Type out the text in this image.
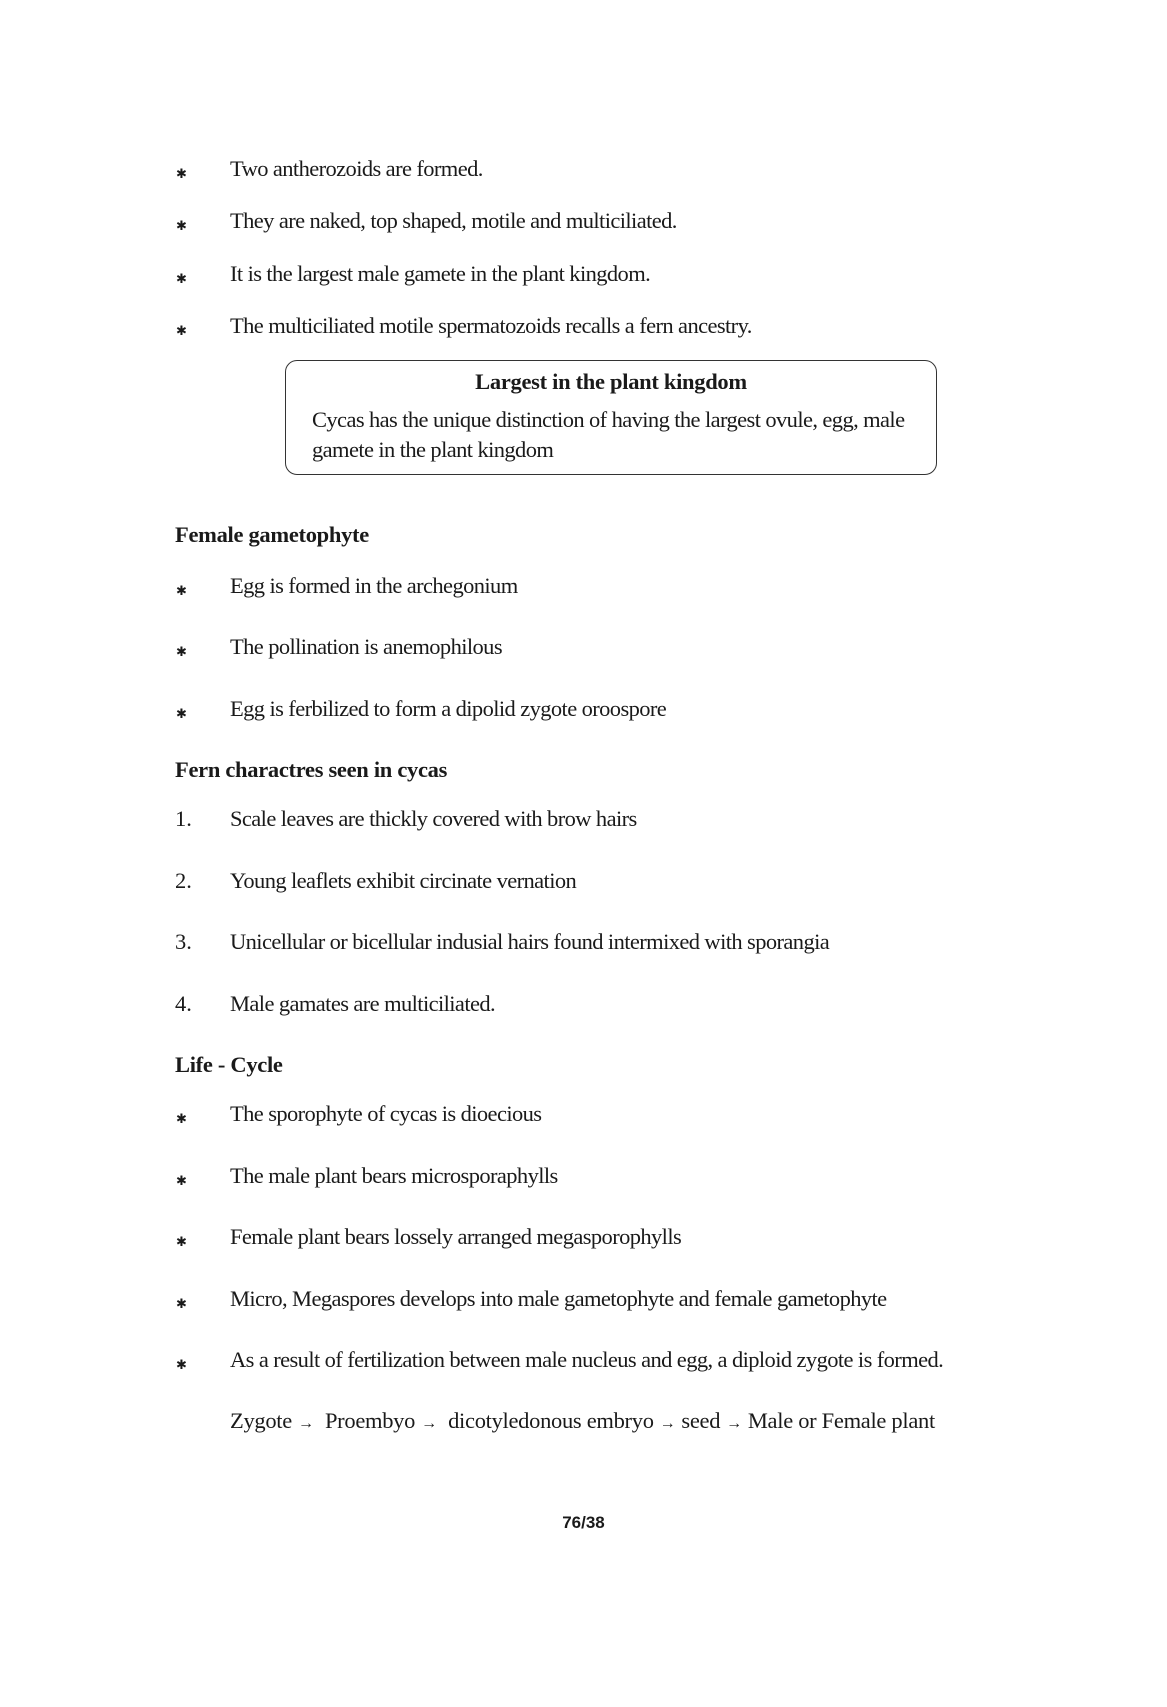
✱
Two antherozoids are formed.
✱
They are naked, top shaped, motile and multiciliated.
✱
It is the largest male gamete in the plant kingdom.
✱
The multiciliated motile spermatozoids recalls a fern ancestry.
Largest in the plant kingdom
Cycas has the unique distinction of having the largest ovule, egg, male gamete in the plant kingdom
Female gametophyte
✱
Egg is formed in the archegonium
✱
The pollination is anemophilous
✱
Egg is ferbilized to form a dipolid zygote oroospore
Fern charactres seen in cycas
1. Scale leaves are thickly covered with brow hairs
2. Young leaflets exhibit circinate vernation
3. Unicellular or bicellular indusial hairs found intermixed with sporangia
4. Male gamates are multiciliated.
Life - Cycle
✱
The sporophyte of cycas is dioecious
✱
The male plant bears microsporaphylls
✱
Female plant bears lossely arranged megasporophylls
✱
Micro, Megaspores develops into male gametophyte and female gametophyte
✱
As a result of fertilization between male nucleus and egg, a diploid zygote is formed.
Zygote → Proembyo → dicotyledonous embryo → seed → Male or Female plant
76/38
